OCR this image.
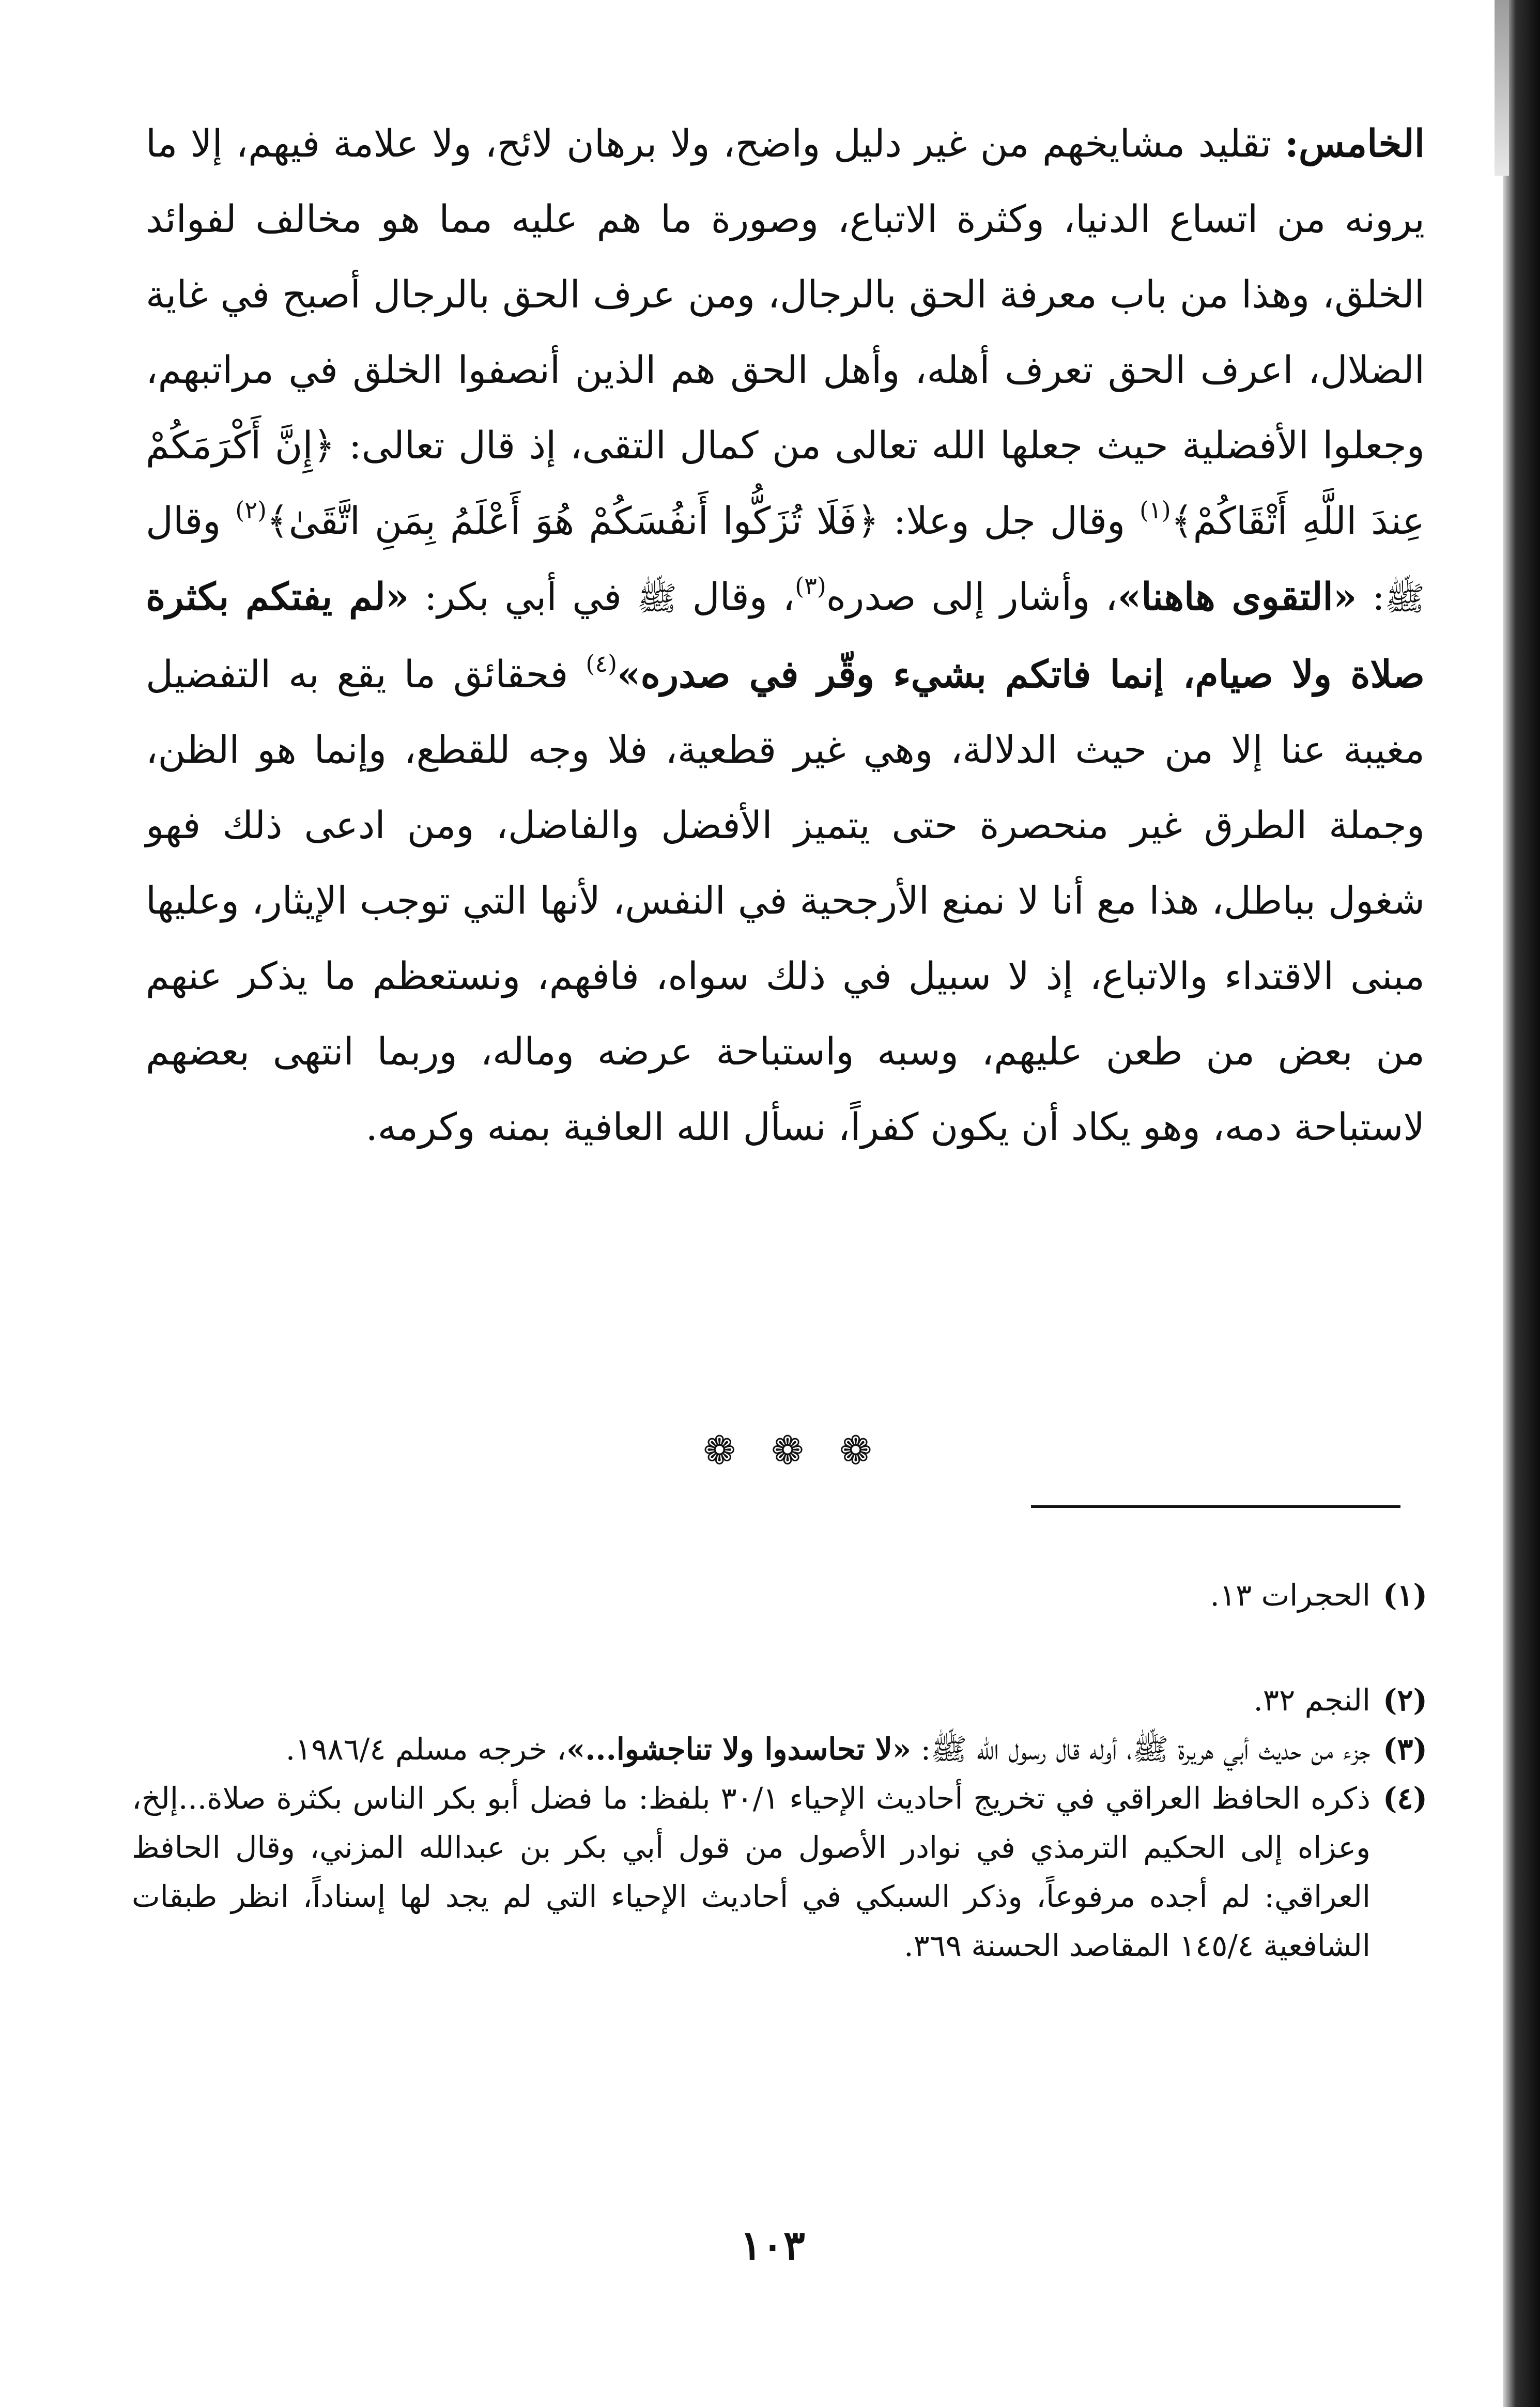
الخامس: تقليد مشايخهم من غير دليل واضح، ولا برهان لائح، ولا علامة فيهم، إلا ما يرونه من اتساع الدنيا، وكثرة الاتباع، وصورة ما هم عليه مما هو مخالف لفوائد الخلق، وهذا من باب معرفة الحق بالرجال، ومن عرف الحق بالرجال أصبح في غاية الضلال، اعرف الحق تعرف أهله، وأهل الحق هم الذين أنصفوا الخلق في مراتبهم، وجعلوا الأفضلية حيث جعلها الله تعالى من كمال التقى، إذ قال تعالى: ﴿إِنَّ أَكْرَمَكُمْ عِندَ اللَّهِ أَتْقَاكُمْ﴾$^{(١)}$ وقال جل وعلا: ﴿فَلَا تُزَكُّوا أَنفُسَكُمْ هُوَ أَعْلَمُ بِمَنِ اتَّقَىٰ﴾$^{(٢)}$ وقال ﷺ: «التقوى هاهنا»، وأشار إلى صدره$^{(٣)}$، وقال ﷺ في أبي بكر: «لم يفتكم بكثرة صلاة ولا صيام، إنما فاتكم بشيء وقّر في صدره»$^{(٤)}$ فحقائق ما يقع به التفضيل مغيبة عنا إلا من حيث الدلالة، وهي غير قطعية، فلا وجه للقطع، وإنما هو الظن، وجملة الطرق غير منحصرة حتى يتميز الأفضل والفاضل، ومن ادعى ذلك فهو شغول بباطل، هذا مع أنا لا نمنع الأرجحية في النفس، لأنها التي توجب الإيثار، وعليها مبنى الاقتداء والاتباع، إذ لا سبيل في ذلك سواه، فافهم، ونستعظم ما يذكر عنهم من بعض من طعن عليهم، وسبه واستباحة عرضه وماله، وربما انتهى بعضهم لاستباحة دمه، وهو يكاد أن يكون كفراً، نسأل الله العافية بمنه وكرمه.

❁ ❁ ❁

(١)
الحجرات ١٣.

(٢)
النجم ٣٢.

(٣)
جزء من حديث أبي هريرة ﷺ، أوله قال رسول الله ﷺ: «لا تحاسدوا ولا تناجشوا...»، خرجه مسلم ١٩٨٦/٤.

(٤)
ذكره الحافظ العراقي في تخريج أحاديث الإحياء ٣٠/١ بلفظ: ما فضل أبو بكر الناس بكثرة صلاة...إلخ، وعزاه إلى الحكيم الترمذي في نوادر الأصول من قول أبي بكر بن عبدالله المزني، وقال الحافظ العراقي: لم أجده مرفوعاً، وذكر السبكي في أحاديث الإحياء التي لم يجد لها إسناداً، انظر طبقات الشافعية ١٤٥/٤ المقاصد الحسنة ٣٦٩.

١٠٣
